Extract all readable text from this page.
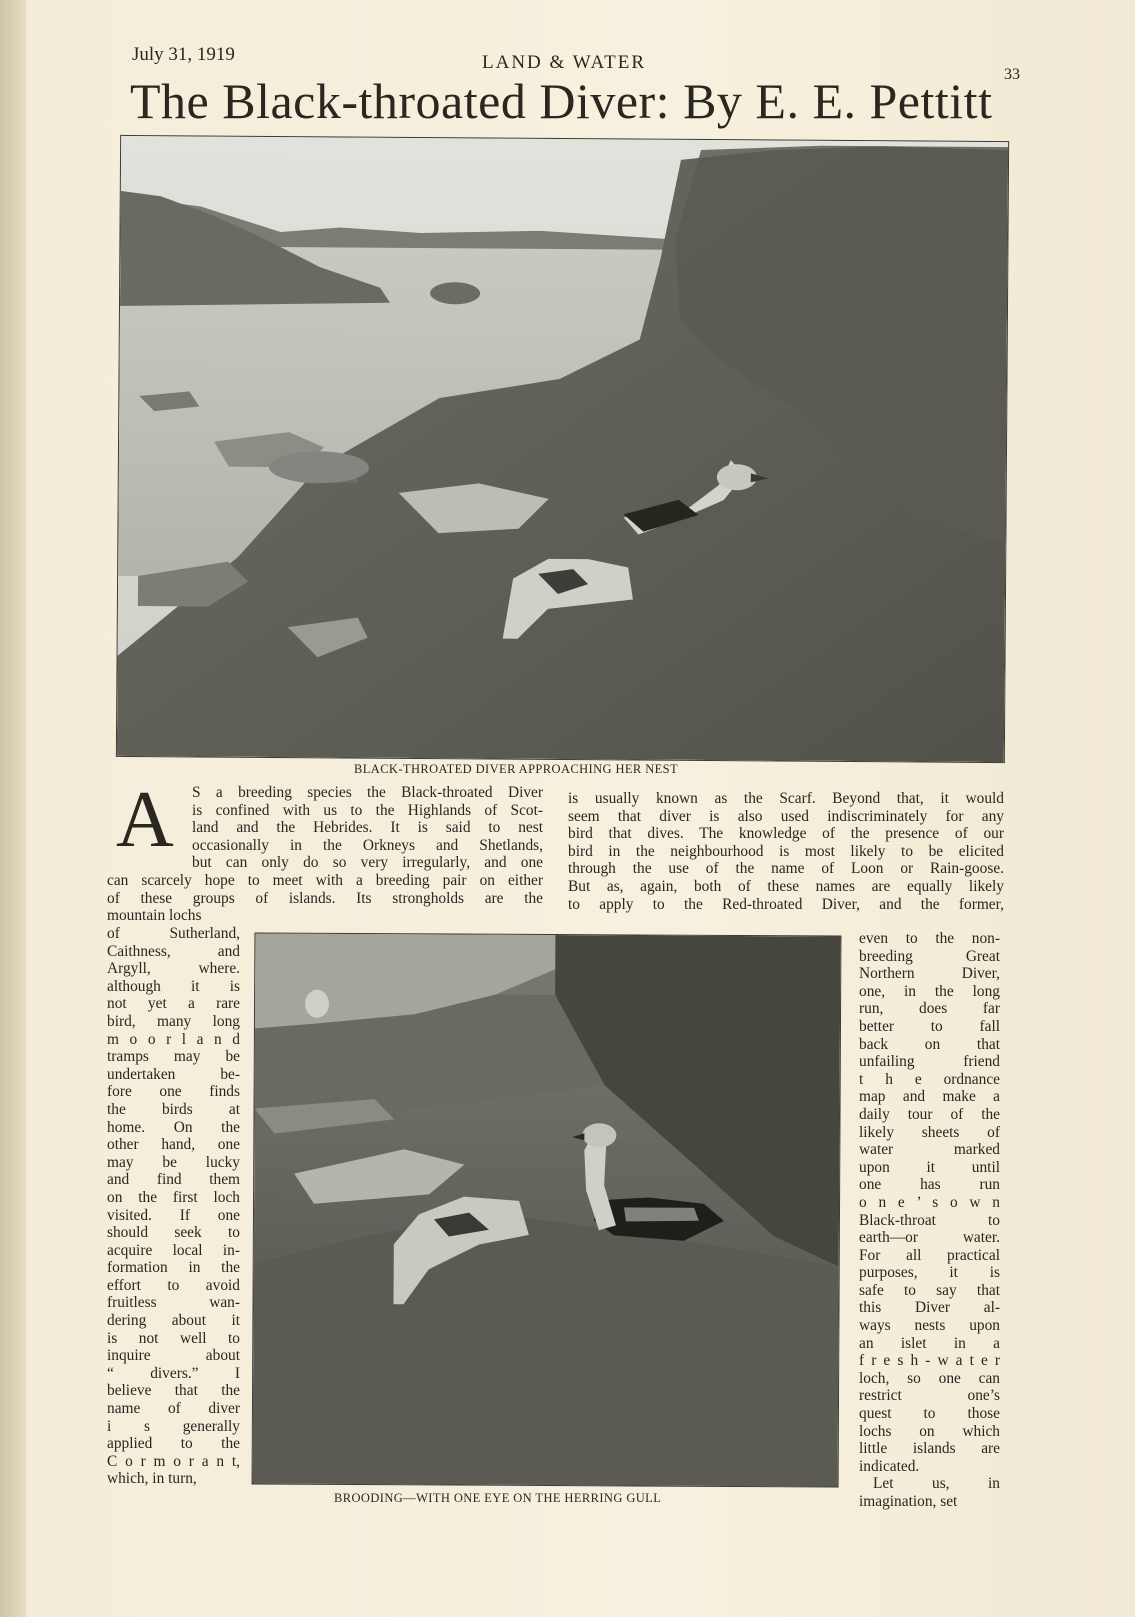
July 31, 1919	LAND & WATER
33
The Black-throated Diver: By E. E. Pettitt
BLACK-THROATED DIVER APPROACHING HER NEST
A S a breeding species the Black-throated Diver
is confined with us to the Highlands of Scot-
land and the Hebrides. It is said to nest
occasionally in the Orkneys and Shetlands,
but can only do so very irregularly, and one
can scarcely hope to meet with a breeding pair on either
of these groups of islands. Its strongholds are the
mountain lochs
of Sutherland,
Caithness, and
Argyll, where.
although it is
not yet a rare
bird, many long
m o o r l a n d
tramps may be
undertaken be-
fore one finds
the birds at
home. On the
other hand, one
may be lucky
and find them
on the first loch
visited. If one
should seek to
acquire local in-
formation in the
effort to avoid
fruitless wan-
dering about it
is not well to
inquire about
“ divers.” I
believe that the
name of diver
i s generally
applied to the
C o r m o r a n t,
which, in turn,
is usually known as the Scarf. Beyond that, it would
seem that diver is also used indiscriminately for any
bird that dives. The knowledge of the presence of our
bird in the neighbourhood is most likely to be elicited
through the use of the name of Loon or Rain-goose.
But as, again, both of these names are equally likely
to apply to the Red-throated Diver, and the former,
even to the non-
breeding Great
Northern Diver,
one, in the long
run, does far
better to fall
back on that
unfailing friend
t h e ordnance
map and make a
daily tour of the
likely sheets of
water marked
upon it until
one has run
o n e ’ s o w n
Black-throat to
earth—or water.
For all practical
purposes, it is
safe to say that
this Diver al-
ways nests upon
an islet in a
f r e s h - w a t e r
loch, so one can
restrict one’s
quest to those
lochs on which
little islands are
indicated.
Let us, in
imagination, set
BROODING—WITH ONE EYE ON THE HERRING GULL
